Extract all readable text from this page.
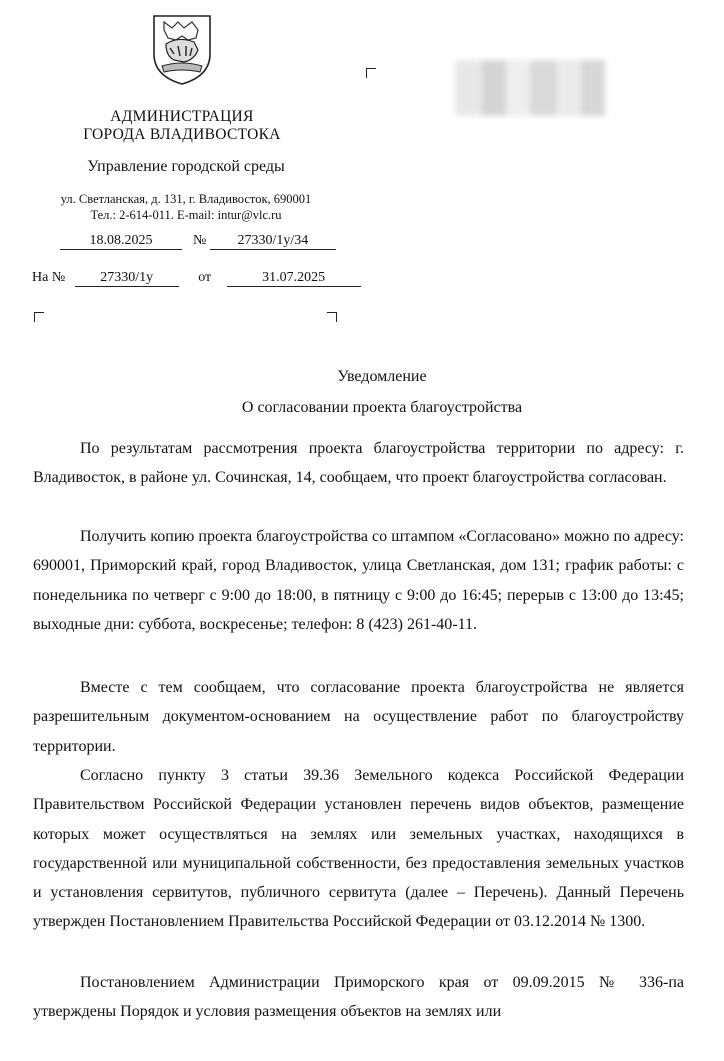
АДМИНИСТРАЦИЯ
ГОРОДА ВЛАДИВОСТОКА
Управление городской среды
ул. Светланская, д. 131, г. Владивосток, 690001
Тел.: 2-614-011. E-mail: intur@vlc.ru
18.08.2025	№ 27330/1у/34
На №	27330/1у	от	31.07.2025
Уведомление
О согласовании проекта благоустройства

По результатам рассмотрения проекта благоустройства территории по адресу: г. Владивосток, в районе ул. Сочинская, 14, сообщаем, что проект благоустройства согласован.

Получить копию проекта благоустройства со штампом «Согласовано» можно по адресу: 690001, Приморский край, город Владивосток, улица Светланская, дом 131; график работы: с понедельника по четверг с 9:00 до 18:00, в пятницу с 9:00 до 16:45; перерыв с 13:00 до 13:45; выходные дни: суббота, воскресенье; телефон: 8 (423) 261-40-11.

Вместе с тем сообщаем, что согласование проекта благоустройства не является разрешительным документом-основанием на осуществление работ по благоустройству территории.

Согласно пункту 3 статьи 39.36 Земельного кодекса Российской Федерации Правительством Российской Федерации установлен перечень видов объектов, размещение которых может осуществляться на землях или земельных участках, находящихся в государственной или муниципальной собственности, без предоставления земельных участков и установления сервитутов, публичного сервитута (далее – Перечень). Данный Перечень утвержден Постановлением Правительства Российской Федерации от 03.12.2014 № 1300.

Постановлением Администрации Приморского края от 09.09.2015 № 336-па утверждены Порядок и условия размещения объектов на землях или
